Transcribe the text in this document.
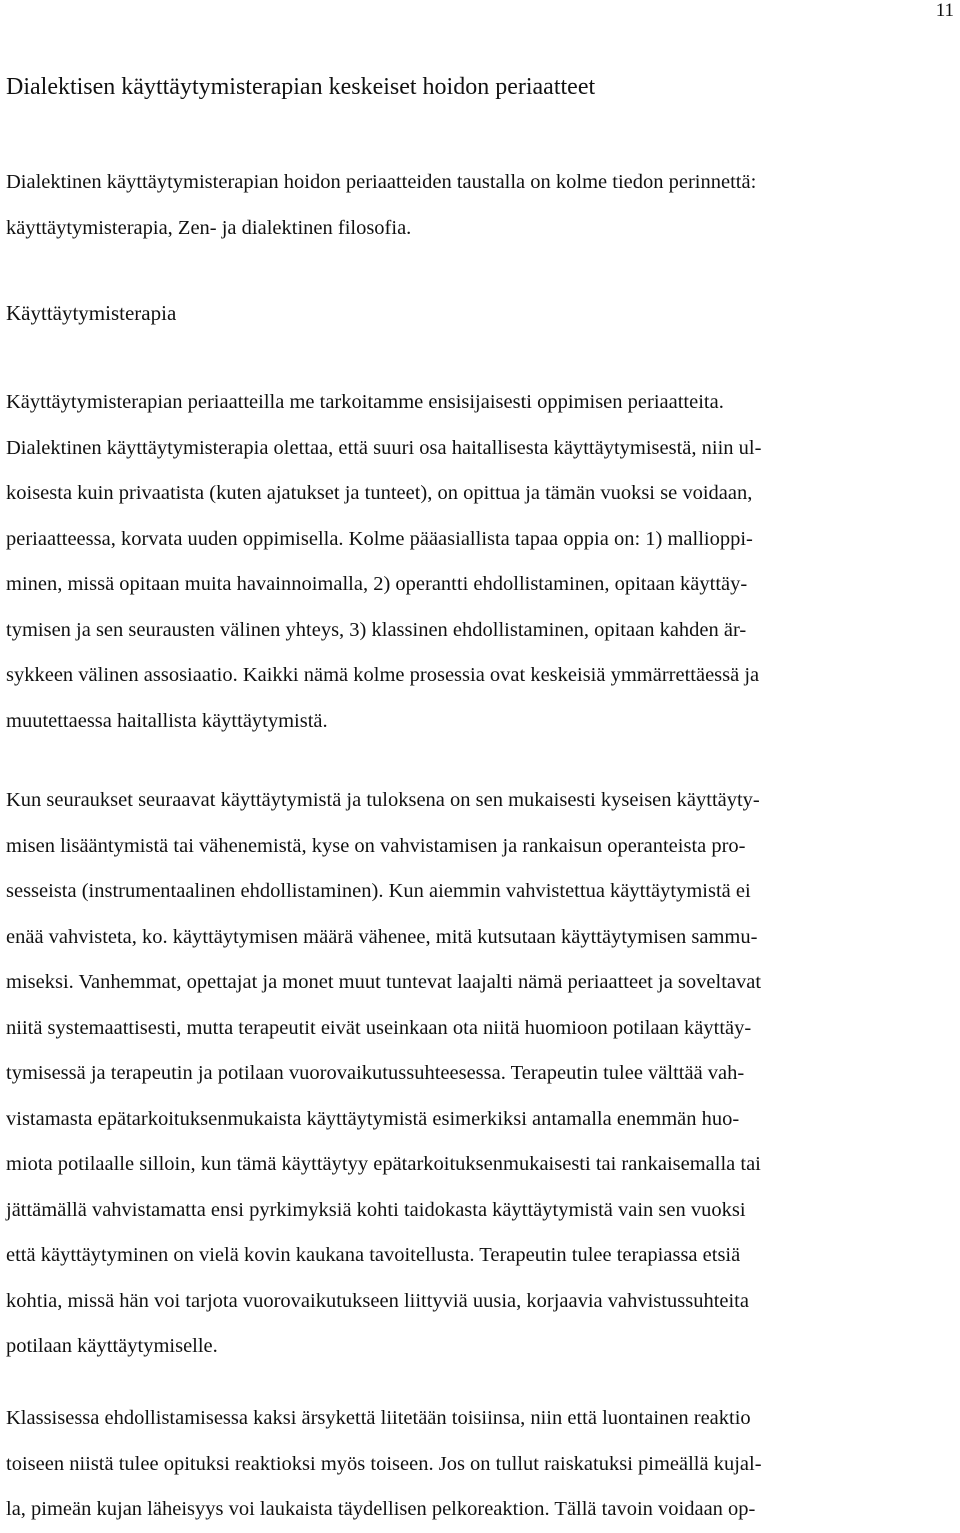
11
Dialektisen käyttäytymisterapian keskeiset hoidon periaatteet
Dialektinen käyttäytymisterapian hoidon periaatteiden taustalla on kolme tiedon perinnettä:
käyttäytymisterapia, Zen- ja dialektinen filosofia.
Käyttäytymisterapia
Käyttäytymisterapian periaatteilla me tarkoitamme ensisijaisesti oppimisen periaatteita.
Dialektinen käyttäytymisterapia olettaa, että suuri osa haitallisesta käyttäytymisestä, niin ul-
koisesta kuin privaatista (kuten ajatukset ja tunteet), on opittua ja tämän vuoksi se voidaan,
periaatteessa, korvata uuden oppimisella. Kolme pääasiallista tapaa oppia on: 1) mallioppi-
minen, missä opitaan muita havainnoimalla, 2) operantti ehdollistaminen, opitaan käyttäy-
tymisen ja sen seurausten välinen yhteys, 3) klassinen ehdollistaminen, opitaan kahden är-
sykkeen välinen assosiaatio. Kaikki nämä kolme prosessia ovat keskeisiä ymmärrettäessä ja
muutettaessa haitallista käyttäytymistä.
Kun seuraukset seuraavat käyttäytymistä ja tuloksena on sen mukaisesti kyseisen käyttäyty-
misen lisääntymistä tai vähenemistä, kyse on vahvistamisen ja rankaisun operanteista pro-
sesseista (instrumentaalinen ehdollistaminen). Kun aiemmin vahvistettua käyttäytymistä ei
enää vahvisteta, ko. käyttäytymisen määrä vähenee, mitä kutsutaan käyttäytymisen sammu-
miseksi. Vanhemmat, opettajat ja monet muut tuntevat laajalti nämä periaatteet ja soveltavat
niitä systemaattisesti, mutta terapeutit eivät useinkaan ota niitä huomioon potilaan käyttäy-
tymisessä ja terapeutin ja potilaan vuorovaikutussuhteesessa. Terapeutin tulee välttää vah-
vistamasta epätarkoituksenmukaista käyttäytymistä esimerkiksi antamalla enemmän huo-
miota potilaalle silloin, kun tämä käyttäytyy epätarkoituksenmukaisesti tai rankaisemalla tai
jättämällä vahvistamatta ensi pyrkimyksiä kohti taidokasta käyttäytymistä vain sen vuoksi
että käyttäytyminen on vielä kovin kaukana tavoitellusta. Terapeutin tulee terapiassa etsiä
kohtia, missä hän voi tarjota vuorovaikutukseen liittyviä uusia, korjaavia vahvistussuhteita
potilaan käyttäytymiselle.
Klassisessa ehdollistamisessa kaksi ärsykettä liitetään toisiinsa, niin että luontainen reaktio
toiseen niistä tulee opituksi reaktioksi myös toiseen. Jos on tullut raiskatuksi pimeällä kujal-
la, pimeän kujan läheisyys voi laukaista täydellisen pelkoreaktion. Tällä tavoin voidaan op-
